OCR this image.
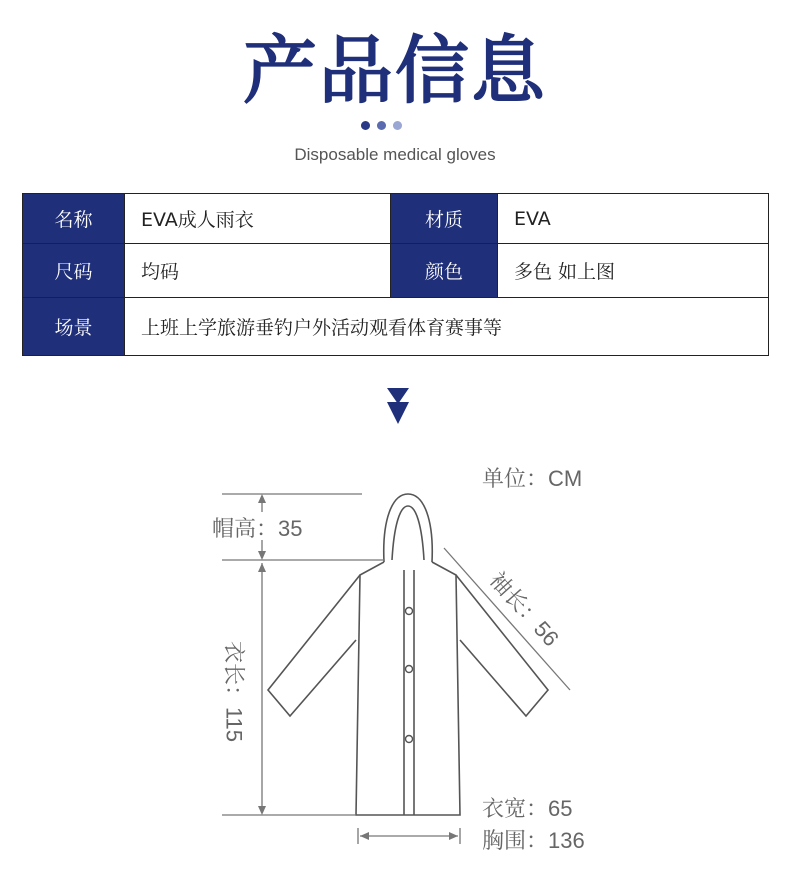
产品信息
Disposable medical gloves
名称	EVA成人雨衣	材质	EVA
尺码	均码	颜色	多色 如上图
场景	上班上学旅游垂钓户外活动观看体育赛事等		
单位：CM
帽高：35
衣长：115
袖长：56
衣宽：65
胸围：136
